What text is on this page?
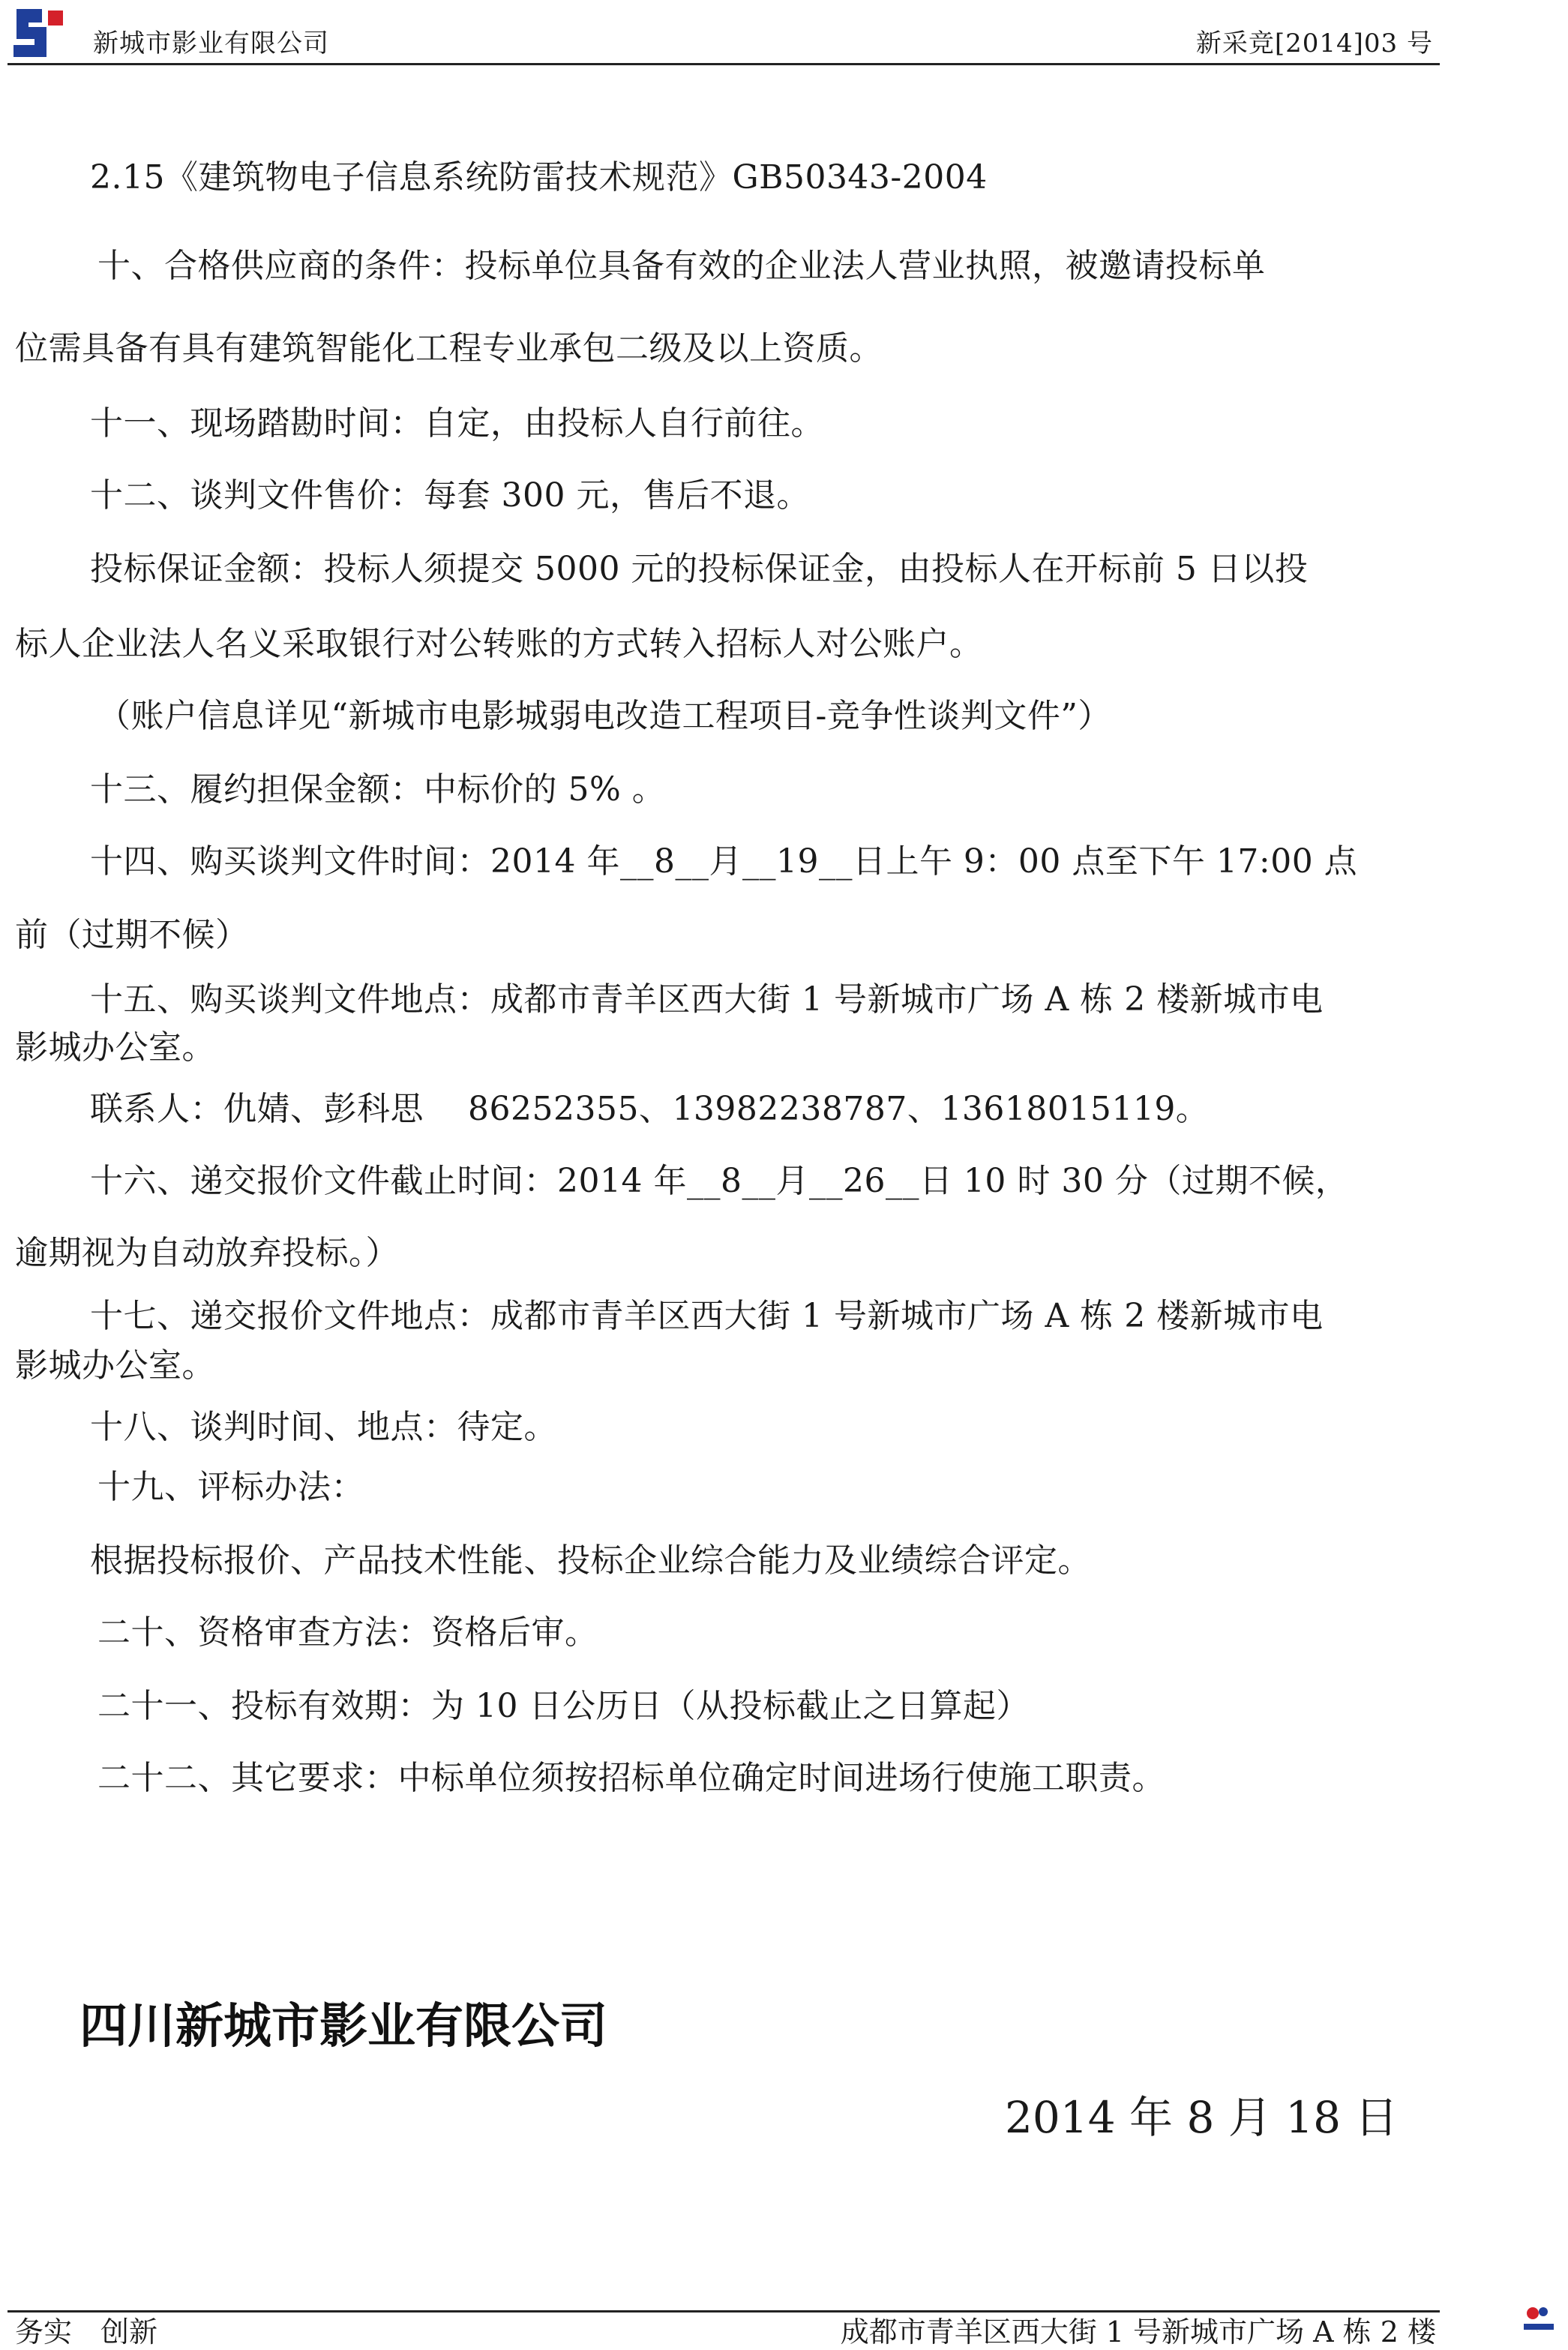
新城市影业有限公司	新采竞[2014]03 号
2.15《建筑物电子信息系统防雷技术规范》GB50343-2004
十、合格供应商的条件：投标单位具备有效的企业法人营业执照，被邀请投标单
位需具备有具有建筑智能化工程专业承包二级及以上资质。
十一、现场踏勘时间：自定，由投标人自行前往。
十二、谈判文件售价：每套 300 元，售后不退。
投标保证金额：投标人须提交 5000 元的投标保证金，由投标人在开标前 5 日以投
标人企业法人名义采取银行对公转账的方式转入招标人对公账户。
（账户信息详见“新城市电影城弱电改造工程项目-竞争性谈判文件”）
十三、履约担保金额：中标价的 5% 。
十四、购买谈判文件时间：2014 年__8__月__19__日上午 9：00 点至下午 17:00 点
前（过期不候）
十五、购买谈判文件地点：成都市青羊区西大街 1 号新城市广场 A 栋 2 楼新城市电
影城办公室。
联系人：仇婧、彭科思　 86252355、13982238787、13618015119。
十六、递交报价文件截止时间：2014 年__8__月__26__日 10 时 30 分（过期不候，
逾期视为自动放弃投标。）
十七、递交报价文件地点：成都市青羊区西大街 1 号新城市广场 A 栋 2 楼新城市电
影城办公室。
十八、谈判时间、地点：待定。
十九、评标办法：
根据投标报价、产品技术性能、投标企业综合能力及业绩综合评定。
二十、资格审查方法：资格后审。
二十一、投标有效期：为 10 日公历日（从投标截止之日算起）
二十二、其它要求：中标单位须按招标单位确定时间进场行使施工职责。
四川新城市影业有限公司
2014 年 8 月 18 日
务实　创新	成都市青羊区西大街 1 号新城市广场 A 栋 2 楼
